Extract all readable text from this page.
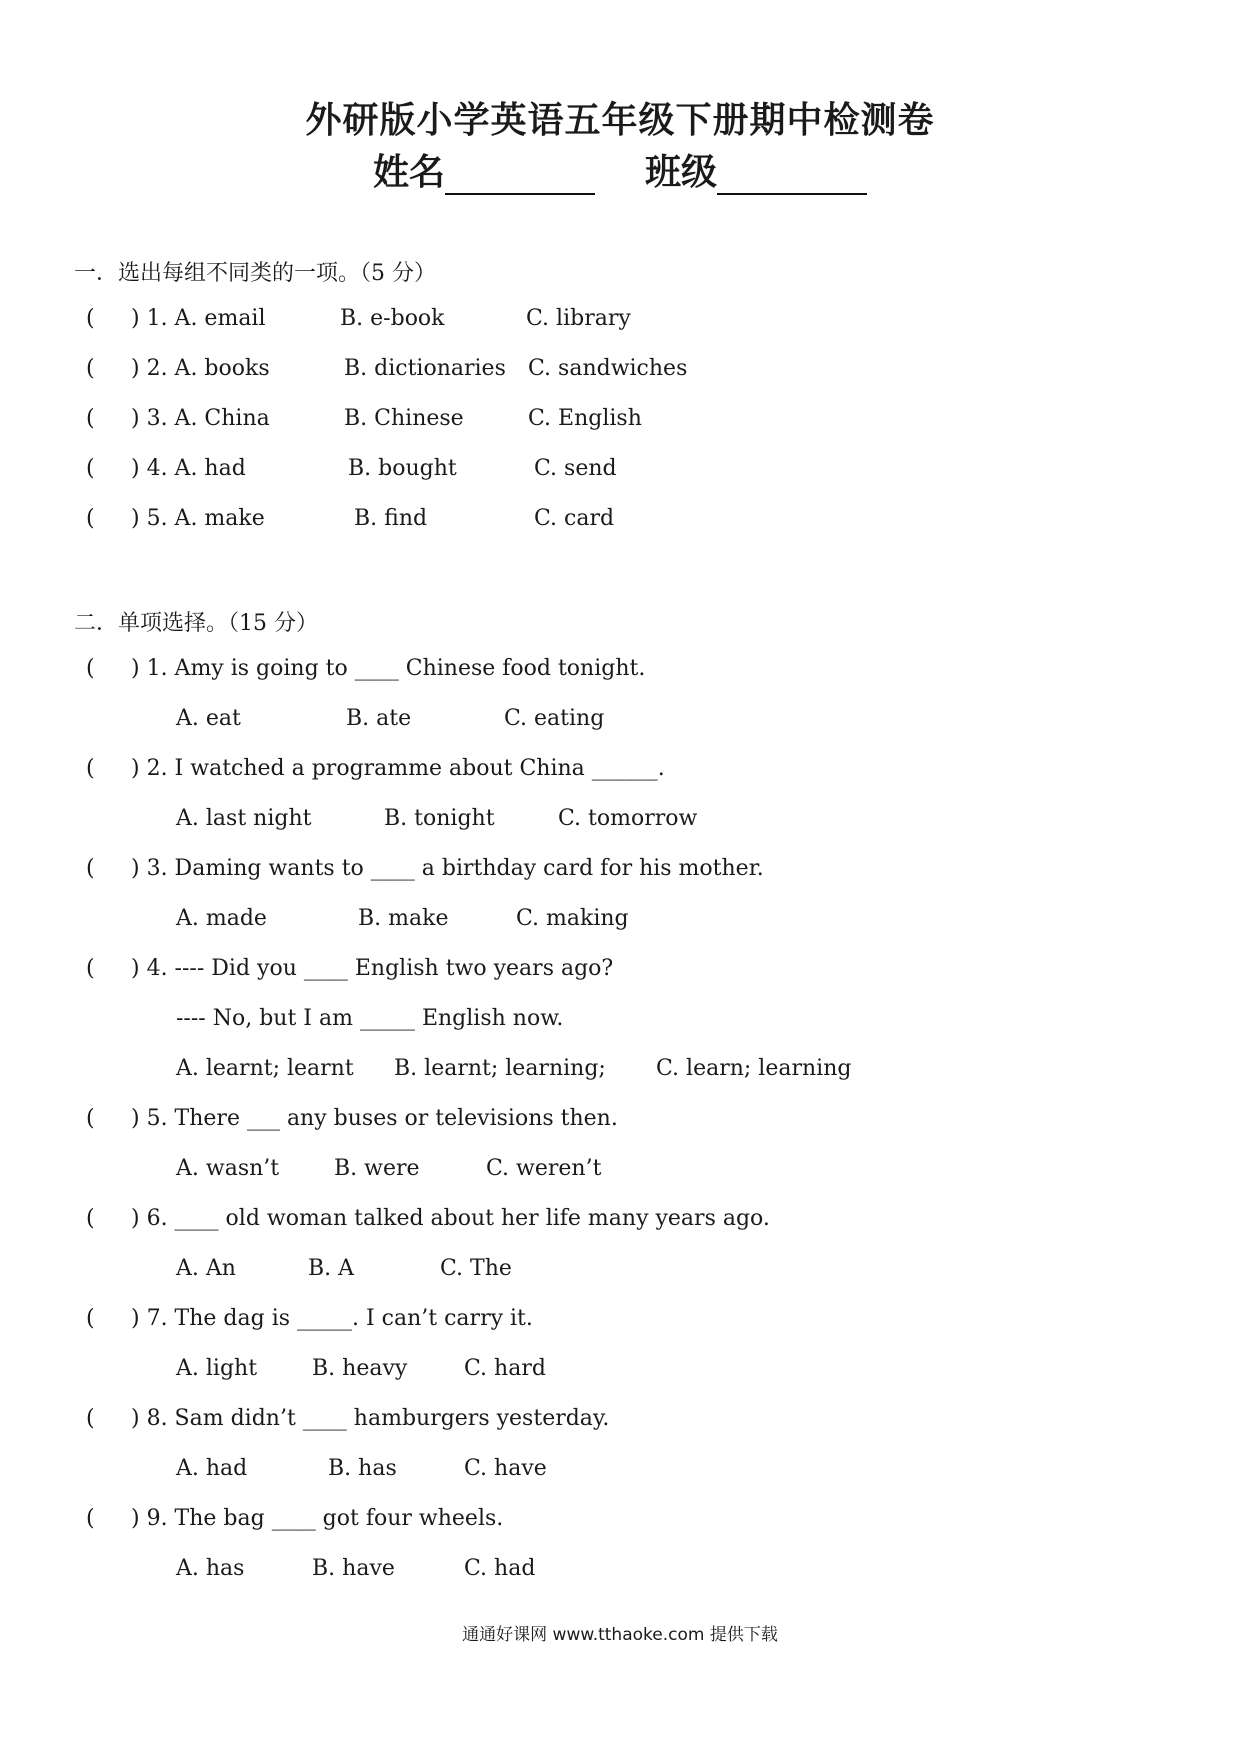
外研版小学英语五年级下册期中检测卷
姓名	班级
一．选出每组不同类的一项。（5 分）
( ) 1. A. email	B. e-book	C. library
( ) 2. A. books	B. dictionaries C. sandwiches
( ) 3. A. China	B. Chinese	C. English
( ) 4. A. had	B. bought	C. send
( ) 5. A. make	B. find	C. card
二．单项选择。（15 分）
( ) 1. Amy is going to ____ Chinese food tonight.
A. eat	B. ate	C. eating
( ) 2. I watched a programme about China ______.
A. last night	B. tonight	C. tomorrow
( ) 3. Daming wants to ____ a birthday card for his mother.
A. made	B. make	C. making
( ) 4. ---- Did you ____ English two years ago?
---- No, but I am _____ English now.
A. learnt; learnt B. learnt; learning; C. learn; learning
( ) 5. There ___ any buses or televisions then.
A. wasn’t B. were	C. weren’t
( ) 6. ____ old woman talked about her life many years ago.
A. An	B. A	C. The
( ) 7. The dag is _____. I can’t carry it.
A. light B. heavy	C. hard
( ) 8. Sam didn’t ____ hamburgers yesterday.
A. had	B. has	C. have
( ) 9. The bag ____ got four wheels.
A. has	B. have	C. had
通通好课网 www.tthaoke.com 提供下载
